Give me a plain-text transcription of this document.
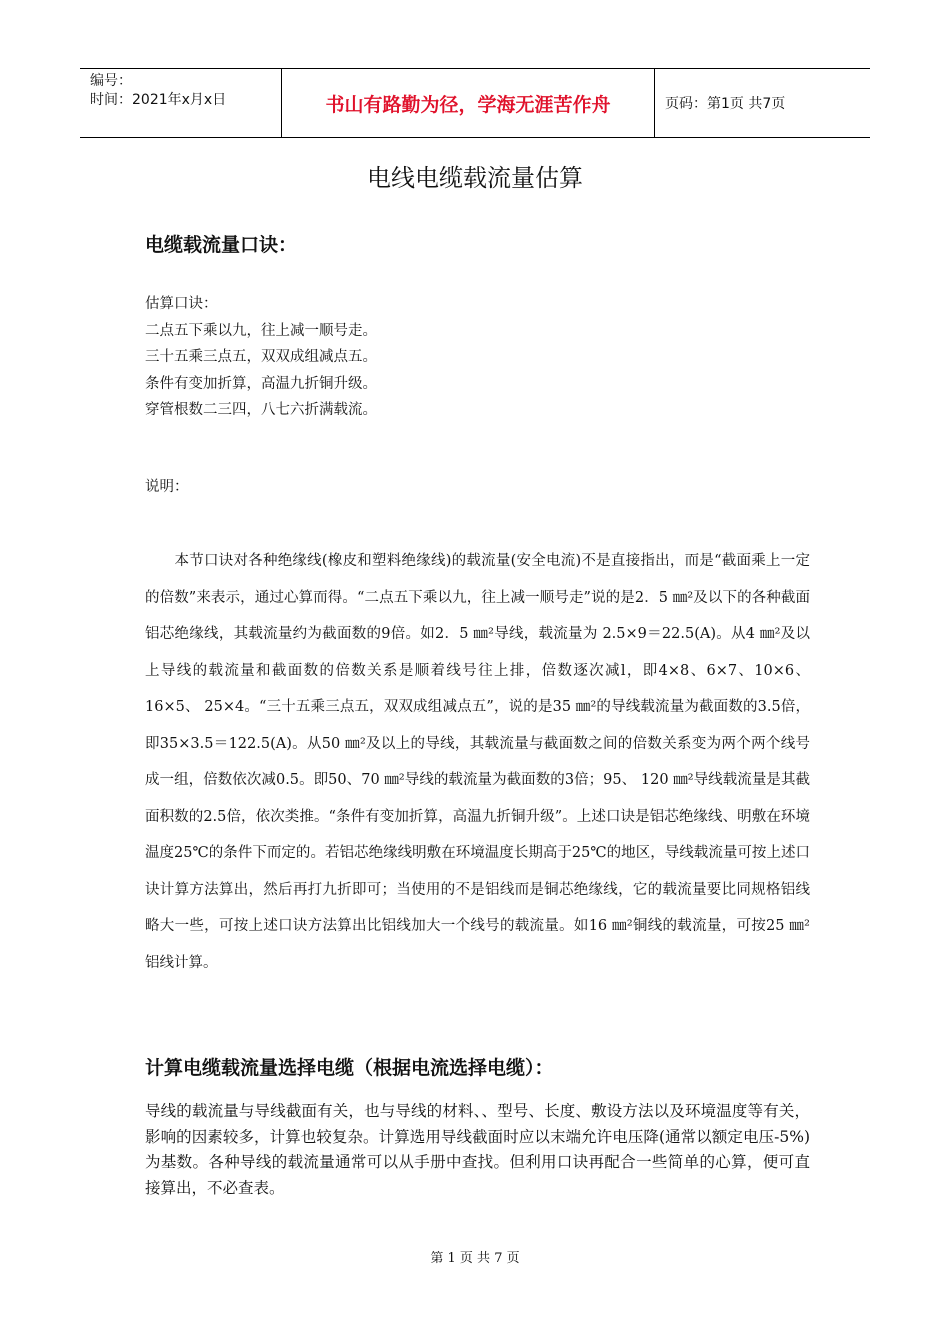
编号：
时间：2021年x月x日	书山有路勤为径，学海无涯苦作舟	页码：第1页 共7页
电线电缆载流量估算
电缆载流量口诀：
估算口诀：
二点五下乘以九，往上减一顺号走。
三十五乘三点五，双双成组减点五。
条件有变加折算，高温九折铜升级。
穿管根数二三四，八七六折满载流。
说明：
　　本节口诀对各种绝缘线(橡皮和塑料绝缘线)的载流量(安全电流)不是直接指出，而是“截面乘上一定的倍数”来表示，通过心算而得。“二点五下乘以九，往上减一顺号走”说的是2．5 ㎜²及以下的各种截面铝芯绝缘线，其载流量约为截面数的9倍。如2．5 ㎜²导线，载流量为 2.5×9＝22.5(A)。从4 ㎜²及以上导线的载流量和截面数的倍数关系是顺着线号往上排，倍数逐次减l，即4×8、6×7、10×6、16×5、 25×4。“三十五乘三点五，双双成组减点五”，说的是35 ㎜²的导线载流量为截面数的3.5倍，即35×3.5＝122.5(A)。从50 ㎜²及以上的导线，其载流量与截面数之间的倍数关系变为两个两个线号成一组，倍数依次减0.5。即50、70 ㎜²导线的载流量为截面数的3倍；95、 120 ㎜²导线载流量是其截面积数的2.5倍，依次类推。“条件有变加折算，高温九折铜升级”。上述口诀是铝芯绝缘线、明敷在环境温度25℃的条件下而定的。若铝芯绝缘线明敷在环境温度长期高于25℃的地区，导线载流量可按上述口诀计算方法算出，然后再打九折即可；当使用的不是铝线而是铜芯绝缘线，它的载流量要比同规格铝线略大一些，可按上述口诀方法算出比铝线加大一个线号的载流量。如16 ㎜²铜线的载流量，可按25 ㎜²铝线计算。
计算电缆载流量选择电缆（根据电流选择电缆）：
导线的载流量与导线截面有关，也与导线的材料、、型号、长度、敷设方法以及环境温度等有关，影响的因素较多，计算也较复杂。计算选用导线截面时应以末端允许电压降(通常以额定电压-5%)为基数。各种导线的载流量通常可以从手册中查找。但利用口诀再配合一些简单的心算，便可直接算出，不必查表。
第 1 页 共 7 页
